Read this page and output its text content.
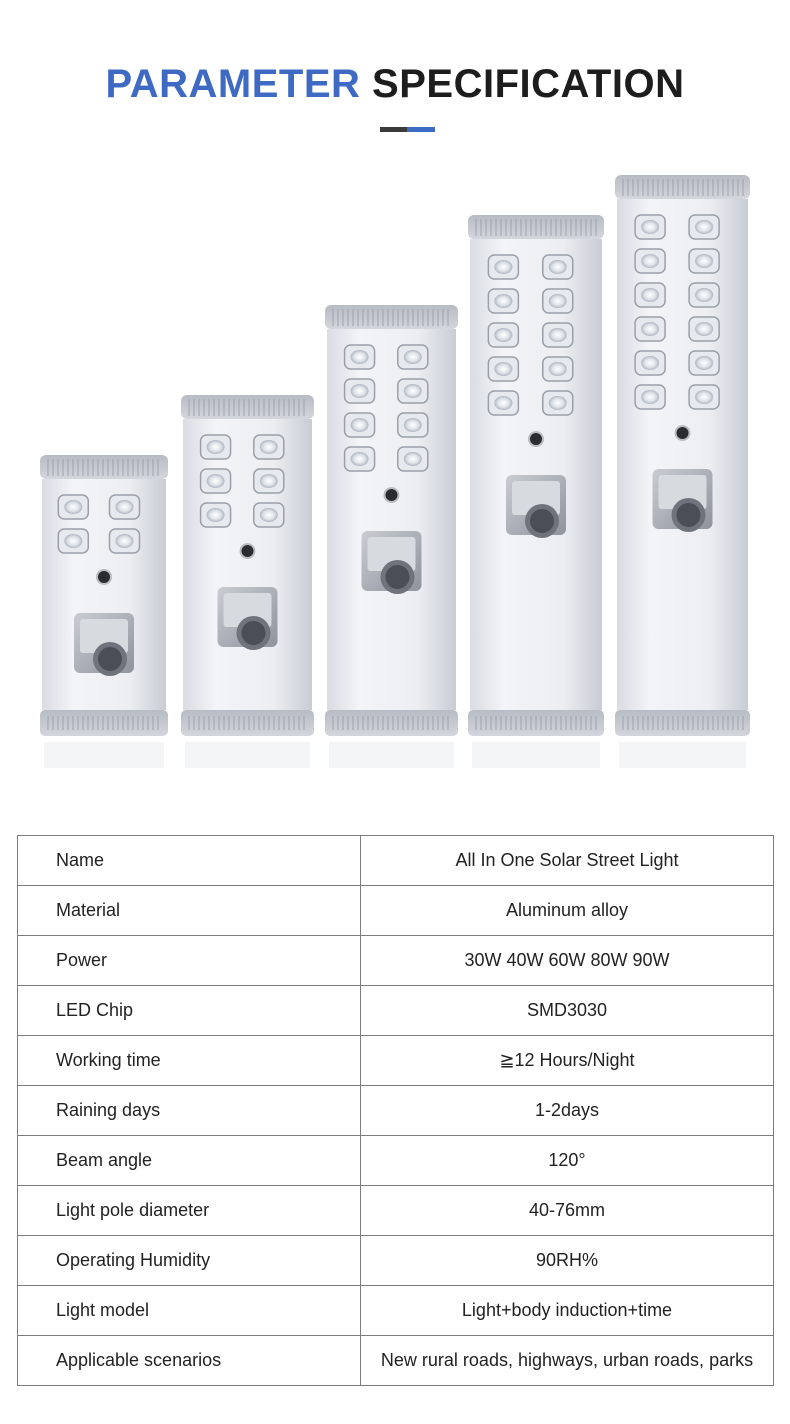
PARAMETER SPECIFICATION
Name	All In One Solar Street Light
Material	Aluminum alloy
Power	30W 40W 60W 80W 90W
LED Chip	SMD3030
Working time	≧12 Hours/Night
Raining days	1-2days
Beam angle	120°
Light pole diameter	40-76mm
Operating Humidity	90RH%
Light model	Light+body induction+time
Applicable scenarios	New rural roads, highways, urban roads, parks
